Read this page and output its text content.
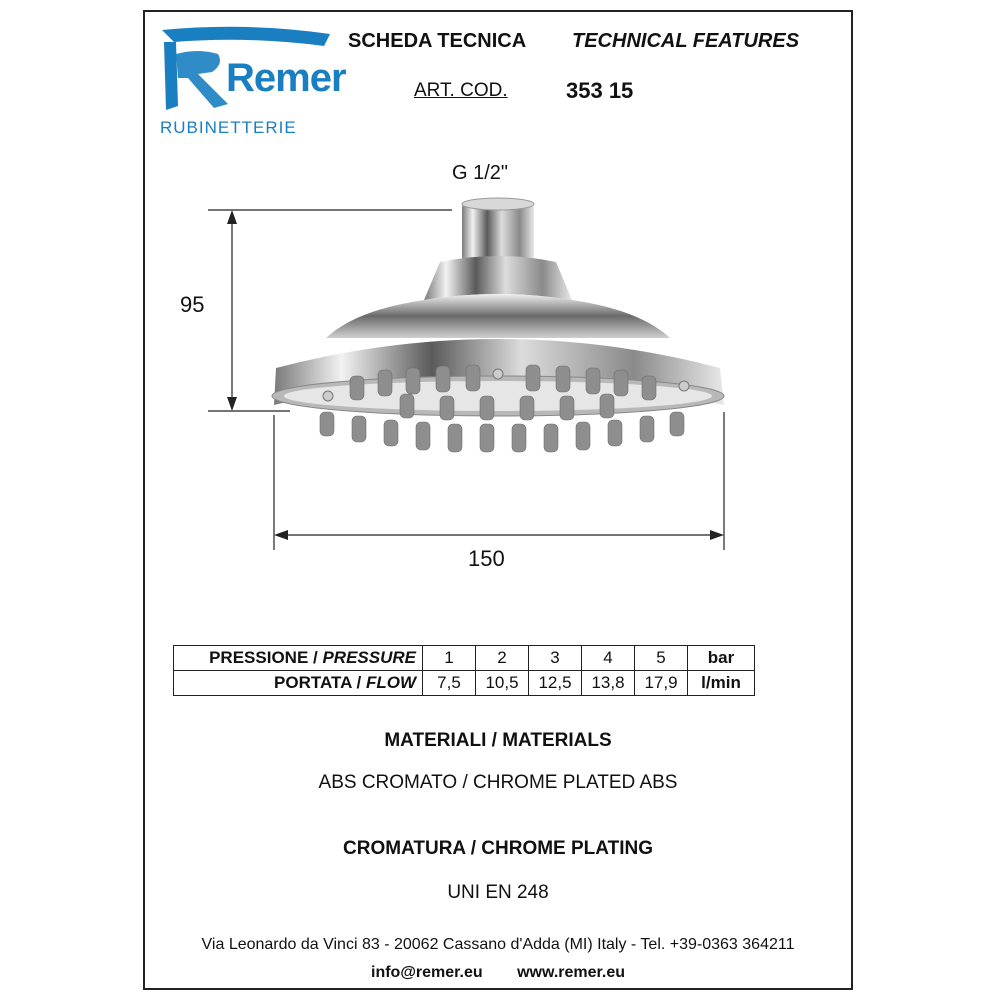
Remer
RUBINETTERIE
SCHEDA TECNICA TECHNICAL FEATURES
ART. COD.	353 15
G 1/2"
95
150
PRESSIONE / PRESSURE	1	2	3	4	5	bar
PORTATA / FLOW	7,5	10,5	12,5	13,8	17,9	l/min
MATERIALI / MATERIALS
ABS CROMATO / CHROME PLATED ABS
CROMATURA / CHROME PLATING
UNI EN 248
Via Leonardo da Vinci 83 - 20062 Cassano d'Adda (MI) Italy - Tel. +39-0363 364211
info@remer.eu www.remer.eu
